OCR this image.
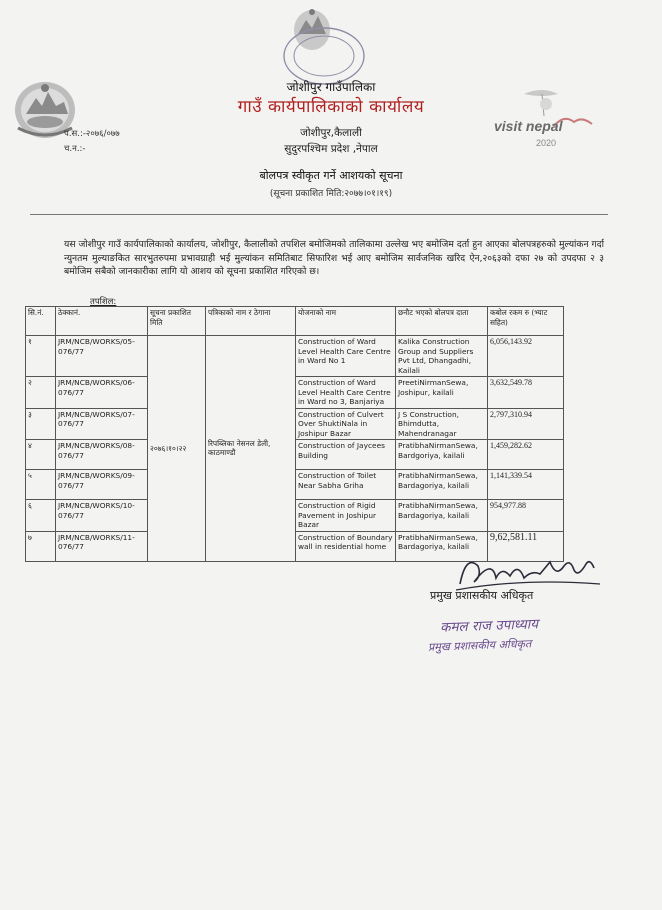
visit nepal
2020
जोशीपुर गाउँपालिका
गाउँ कार्यपालिकाको कार्यालय
जोशीपुर,कैलाली
सुदुरपश्चिम प्रदेश ,नेपाल
प.स.:-२०७६/०७७
च.न.:-
बोलपत्र स्वीकृत गर्ने आशयको सूचना
(सूचना प्रकाशित मिति:२०७७।०१।१९)
यस जोशीपुर गाउँ कार्यपालिकाको कार्यालय, जोशीपुर, कैलालीको तपशिल बमोजिमको तालिकामा उल्लेख भए बमोजिम दर्ता हुन आएका बोलपत्रहरुको मुल्यांकन गर्दा न्युनतम मुल्याङकित सारभुतरुपमा प्रभावग्राही भई मुल्यांकन समितिबाट सिफारिश भई आए बमोजिम सार्वजनिक खरिद ऐन,२०६३को दफा २७ को उपदफा २ ३ बमोजिम सबैको जानकारीका लागि यो आशय को सूचना प्रकाशित गरिएको छ।
तपशिल:
सि.नं.	ठेक्कानं.	सूचना प्रकाशित मिति	पत्रिकाको नाम र ठेगाना	योजनाको नाम	छनौट भएको बोलपत्र दाता	कबोल रकम रु (भ्याट सहित)
१	JRM/NCB/WORKS/05-076/77	२०७६।१०।२२	रिपब्लिका नेसनल डेली, काठमाण्डौ	Construction of Ward Level Health Care Centre in Ward No 1	Kalika Construction Group and Suppliers Pvt Ltd, Dhangadhi, Kailali	6,056,143.92
२	JRM/NCB/WORKS/06-076/77			Construction of Ward Level Health Care Centre in Ward no 3, Banjariya	PreetiNirmanSewa, Joshipur, kailali	3,632,549.78
३	JRM/NCB/WORKS/07-076/77			Construction of Culvert Over ShuktiNala in Joshipur Bazar	J S Construction, Bhimdutta, Mahendranagar	2,797,310.94
४	JRM/NCB/WORKS/08-076/77			Construction of Jaycees Building	PratibhaNirmanSewa, Bardgoriya, kailali	1,459,282.62
५	JRM/NCB/WORKS/09-076/77			Construction of Toilet Near Sabha Griha	PratibhaNirmanSewa, Bardagoriya, kailali	1,141,339.54
६	JRM/NCB/WORKS/10-076/77			Construction of Rigid Pavement in Joshipur Bazar	PratibhaNirmanSewa, Bardagoriya, kailali	954,977.88
७	JRM/NCB/WORKS/11-076/77			Construction of Boundary wall in residential home	PratibhaNirmanSewa, Bardagoriya, kailali	9,62,581.11
प्रमुख प्रशासकीय अधिकृत
कमल राज उपाध्याय
प्रमुख प्रशासकीय अधिकृत
